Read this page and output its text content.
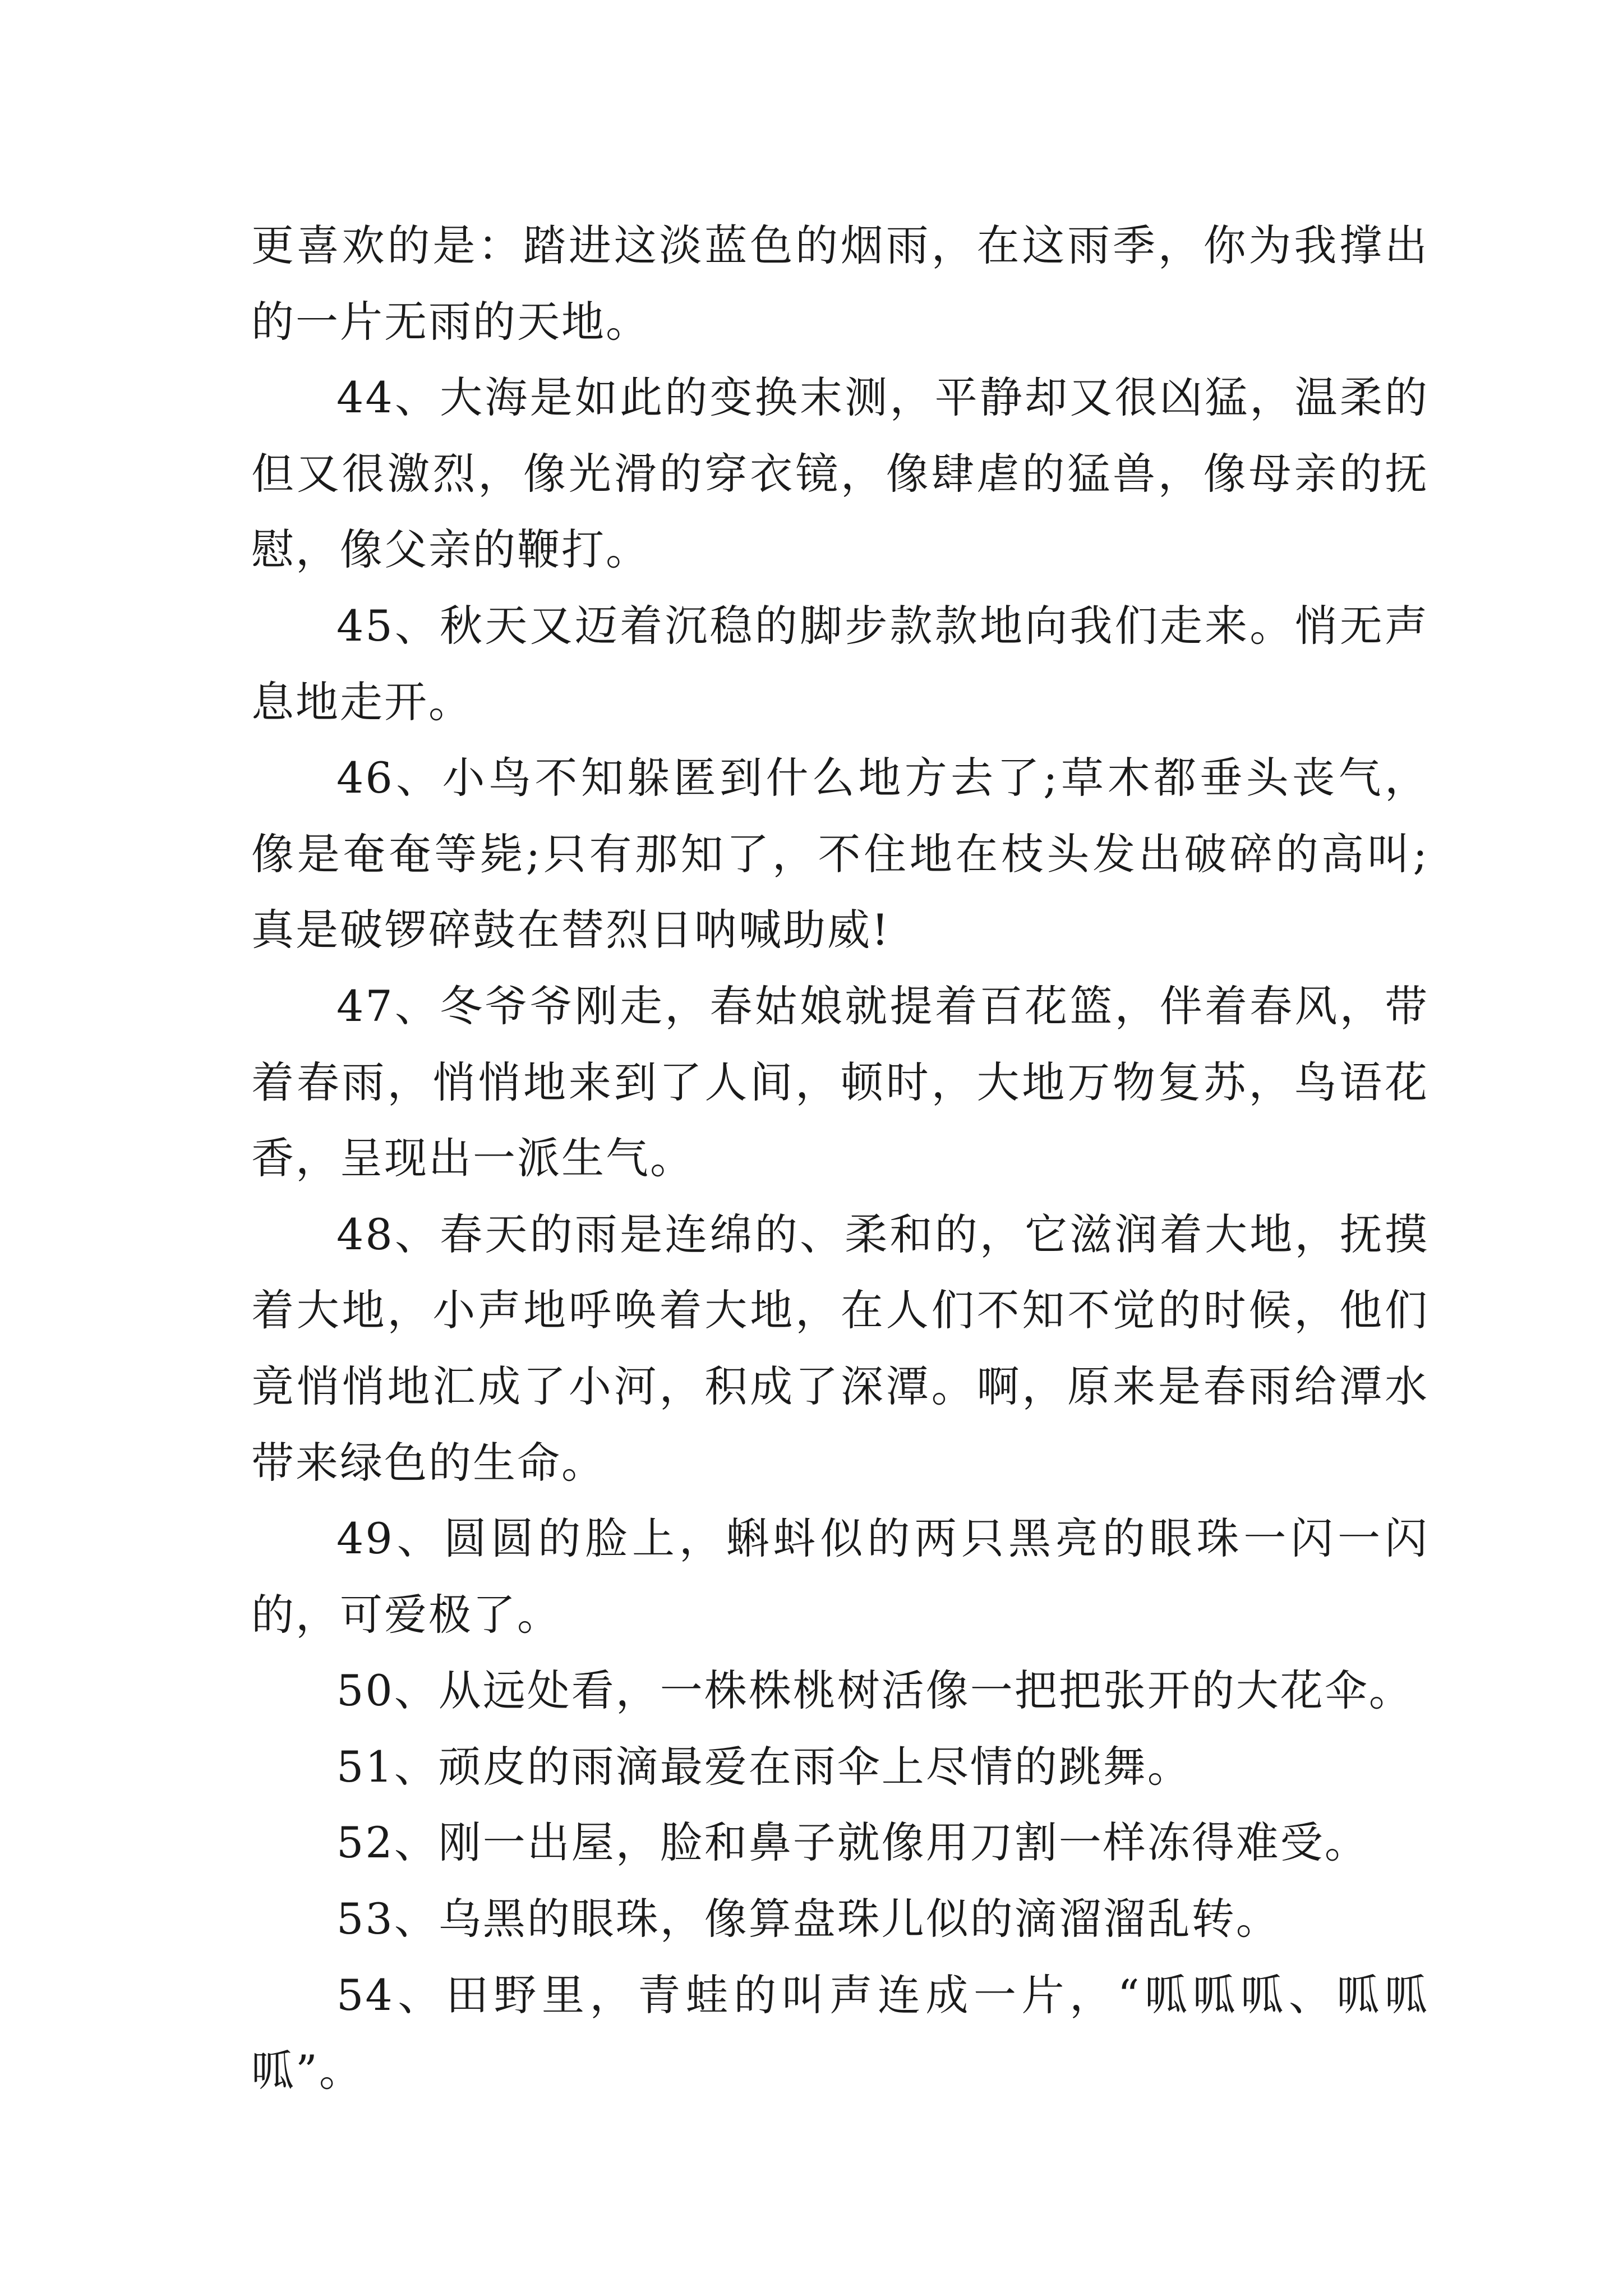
更喜欢的是：踏进这淡蓝色的烟雨，在这雨季，你为我撑出的一片无雨的天地。

44、大海是如此的变换末测，平静却又很凶猛，温柔的但又很激烈，像光滑的穿衣镜，像肆虐的猛兽，像母亲的抚慰，像父亲的鞭打。

45、秋天又迈着沉稳的脚步款款地向我们走来。悄无声息地走开。

46、小鸟不知躲匿到什么地方去了;草木都垂头丧气，像是奄奄等毙;只有那知了，不住地在枝头发出破碎的高叫;真是破锣碎鼓在替烈日呐喊助威!

47、冬爷爷刚走，春姑娘就提着百花篮，伴着春风，带着春雨，悄悄地来到了人间，顿时，大地万物复苏，鸟语花香，呈现出一派生气。

48、春天的雨是连绵的、柔和的，它滋润着大地，抚摸着大地，小声地呼唤着大地，在人们不知不觉的时候，他们竟悄悄地汇成了小河，积成了深潭。啊，原来是春雨给潭水带来绿色的生命。

49、圆圆的脸上，蝌蚪似的两只黑亮的眼珠一闪一闪的，可爱极了。

50、从远处看，一株株桃树活像一把把张开的大花伞。

51、顽皮的雨滴最爱在雨伞上尽情的跳舞。

52、刚一出屋，脸和鼻子就像用刀割一样冻得难受。

53、乌黑的眼珠，像算盘珠儿似的滴溜溜乱转。

54、田野里，青蛙的叫声连成一片，“呱呱呱、呱呱呱”。
